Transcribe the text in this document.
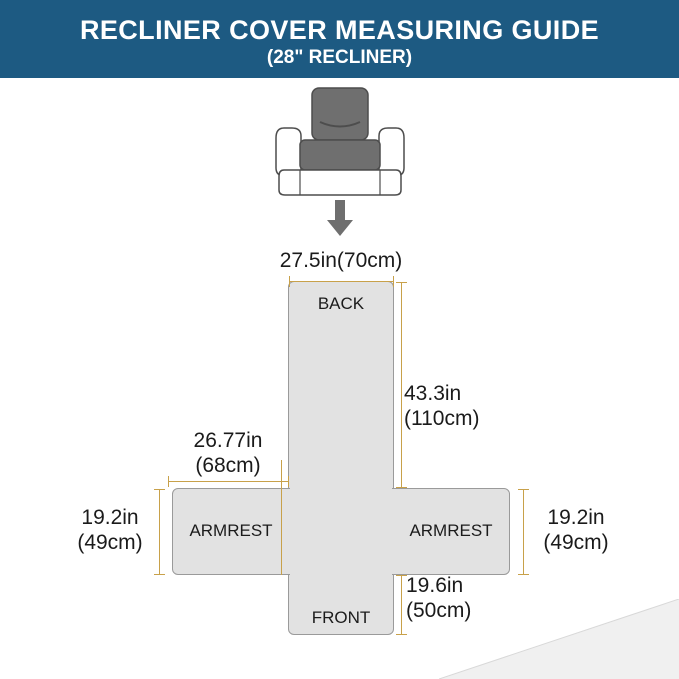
RECLINER COVER MEASURING GUIDE
(28" RECLINER)
BACK
FRONT
ARMREST	ARMREST
27.5in(70cm)
43.3in
(110cm)
26.77in
(68cm)
19.2in
(49cm)
19.2in
(49cm)
19.6in
(50cm)
